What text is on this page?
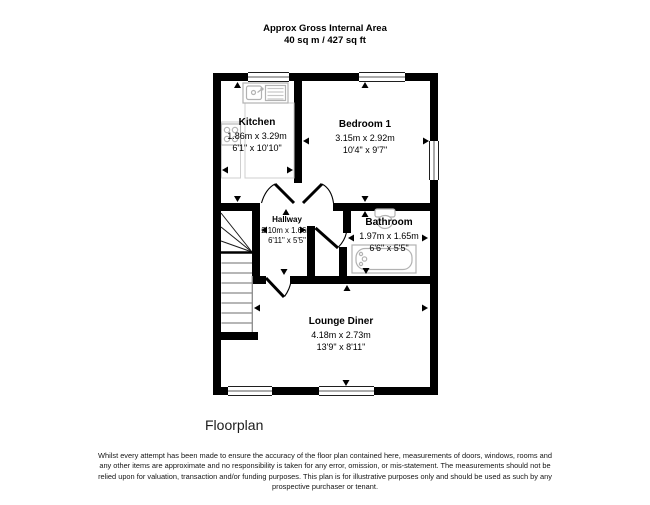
Approx Gross Internal Area
40 sq m / 427 sq ft
Kitchen
1.86m x 3.29m
6'1" x 10'10"
Bedroom 1
3.15m x 2.92m
10'4" x 9'7"
Hallway
2.10m x 1.66m
6'11" x 5'5"
Bathroom
1.97m x 1.65m
6'6" x 5'5"
Lounge Diner
4.18m x 2.73m
13'9" x 8'11"
Floorplan
Whilst every attempt has been made to ensure the accuracy of the floor plan contained here, measurements of doors, windows, rooms and
any other items are approximate and no responsibility is taken for any error, omission, or mis-statement. The measurements should not be
relied upon for valuation, transaction and/or funding purposes. This plan is for illustrative purposes only and should be used as such by any
prospective purchaser or tenant.
